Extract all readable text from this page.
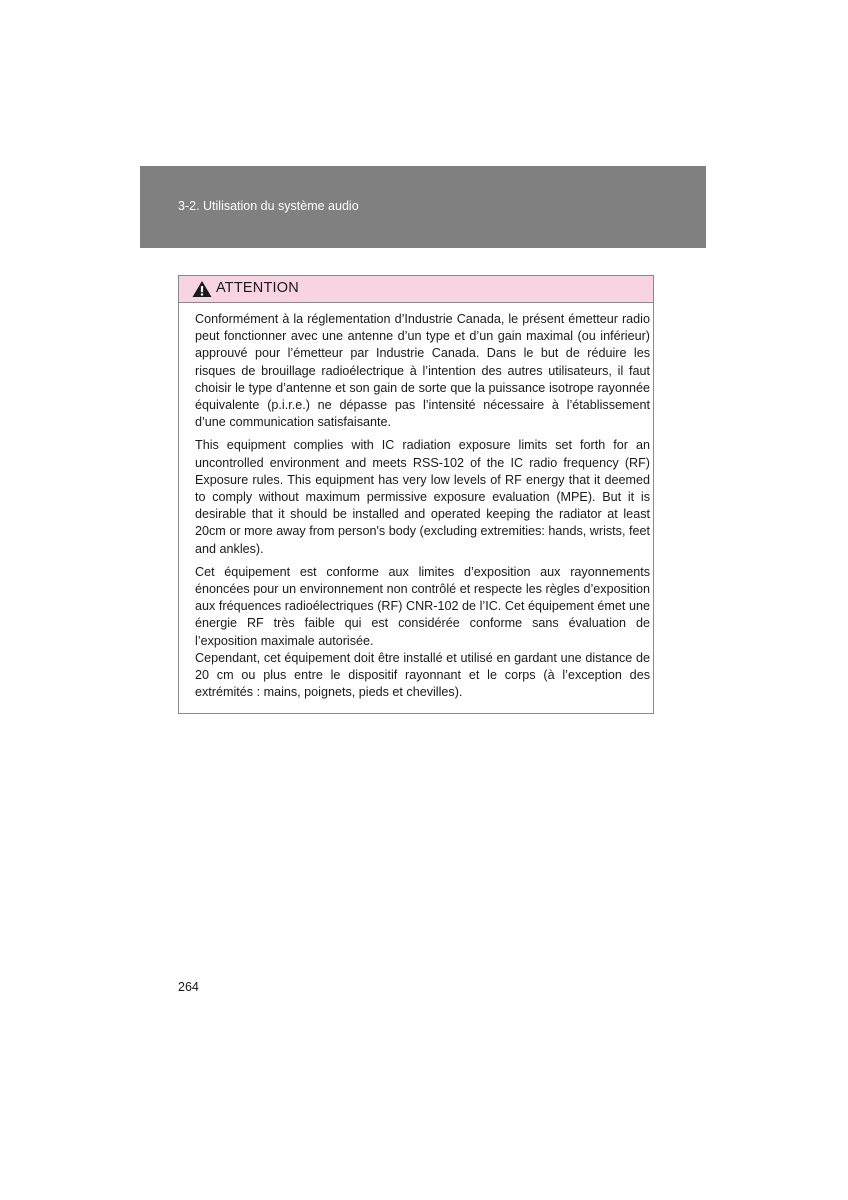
3-2. Utilisation du système audio
ATTENTION

Conformément à la réglementation d’Industrie Canada, le présent émetteur radio peut fonctionner avec une antenne d’un type et d’un gain maximal (ou inférieur) approuvé pour l’émetteur par Industrie Canada. Dans le but de réduire les risques de brouillage radioélectrique à l’intention des autres utilisateurs, il faut choisir le type d’antenne et son gain de sorte que la puissance isotrope rayonnée équivalente (p.i.r.e.) ne dépasse pas l’intensité nécessaire à l’établissement d’une communication satisfaisante.

This equipment complies with IC radiation exposure limits set forth for an uncontrolled environment and meets RSS-102 of the IC radio frequency (RF) Exposure rules. This equipment has very low levels of RF energy that it deemed to comply without maximum permissive exposure evaluation (MPE). But it is desirable that it should be installed and operated keeping the radiator at least 20cm or more away from person's body (excluding extremities: hands, wrists, feet and ankles).

Cet équipement est conforme aux limites d’exposition aux rayonnements énoncées pour un environnement non contrôlé et respecte les règles d’exposition aux fréquences radioélectriques (RF) CNR-102 de l’IC. Cet équipement émet une énergie RF très faible qui est considérée conforme sans évaluation de l’exposition maximale autorisée.

Cependant, cet équipement doit être installé et utilisé en gardant une distance de 20 cm ou plus entre le dispositif rayonnant et le corps (à l’exception des extrémités : mains, poignets, pieds et chevilles).

264
